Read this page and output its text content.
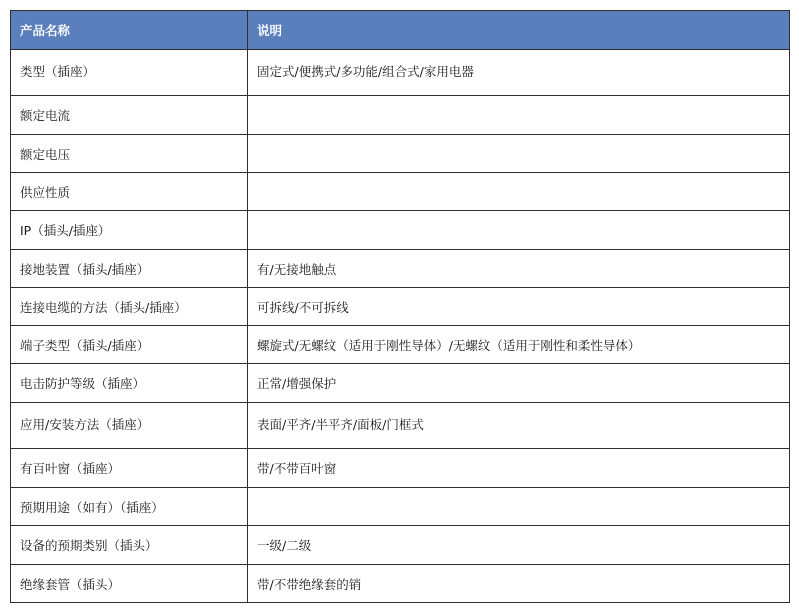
产品名称	说明
类型（插座）	固定式/便携式/多功能/组合式/家用电器
额定电流	
额定电压	
供应性质	
IP（插头/插座）	
接地装置（插头/插座）	有/无接地触点
连接电缆的方法（插头/插座）	可拆线/不可拆线
端子类型（插头/插座）	螺旋式/无螺纹（适用于刚性导体）/无螺纹（适用于刚性和柔性导体）
电击防护等级（插座）	正常/增强保护
应用/安装方法（插座）	表面/平齐/半平齐/面板/门框式
有百叶窗（插座）	带/不带百叶窗
预期用途（如有）（插座）	
设备的预期类别（插头）	一级/二级
绝缘套管（插头）	带/不带绝缘套的销
